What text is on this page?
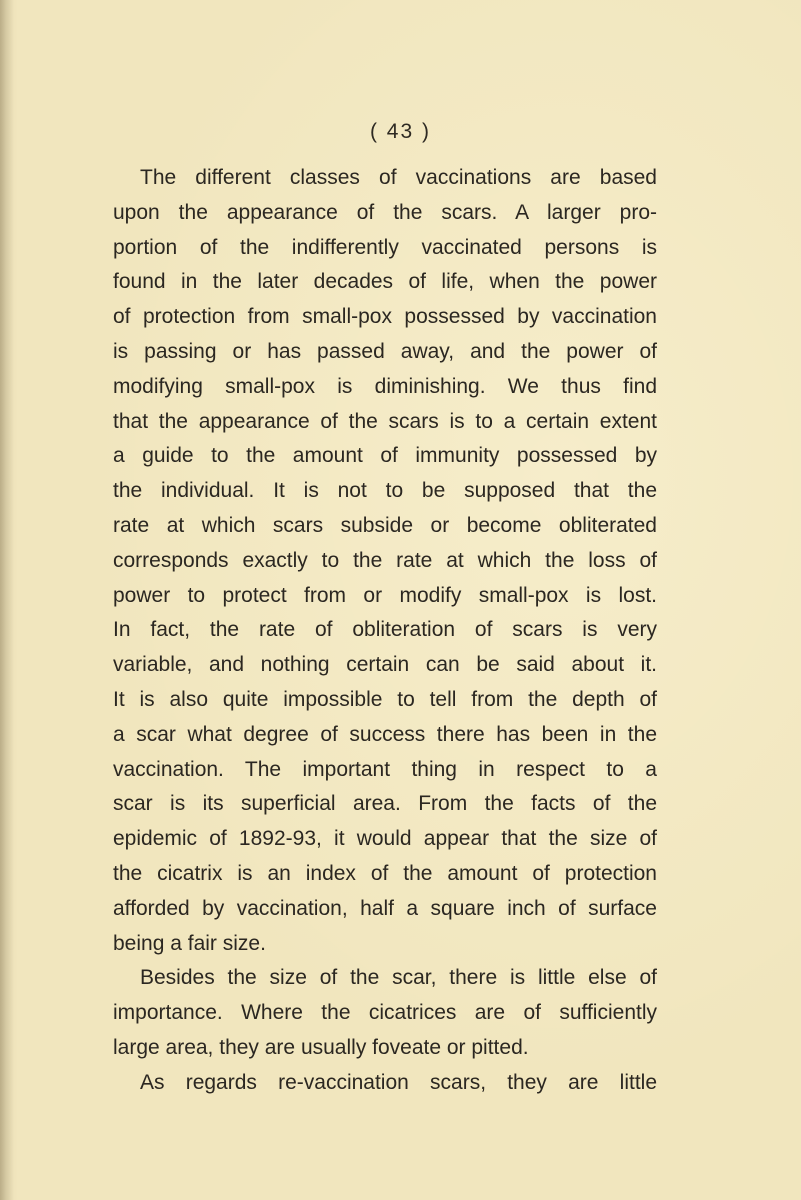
( 43 )
The different classes of vaccinations are based
upon the appearance of the scars. A larger pro-
portion of the indifferently vaccinated persons is
found in the later decades of life, when the power
of protection from small-pox possessed by vaccination
is passing or has passed away, and the power of
modifying small-pox is diminishing. We thus find
that the appearance of the scars is to a certain extent
a guide to the amount of immunity possessed by
the individual. It is not to be supposed that the
rate at which scars subside or become obliterated
corresponds exactly to the rate at which the loss of
power to protect from or modify small-pox is lost.
In fact, the rate of obliteration of scars is very
variable, and nothing certain can be said about it.
It is also quite impossible to tell from the depth of
a scar what degree of success there has been in the
vaccination. The important thing in respect to a
scar is its superficial area. From the facts of the
epidemic of 1892-93, it would appear that the size of
the cicatrix is an index of the amount of protection
afforded by vaccination, half a square inch of surface
being a fair size.
Besides the size of the scar, there is little else of
importance. Where the cicatrices are of sufficiently
large area, they are usually foveate or pitted.
As regards re-vaccination scars, they are little
